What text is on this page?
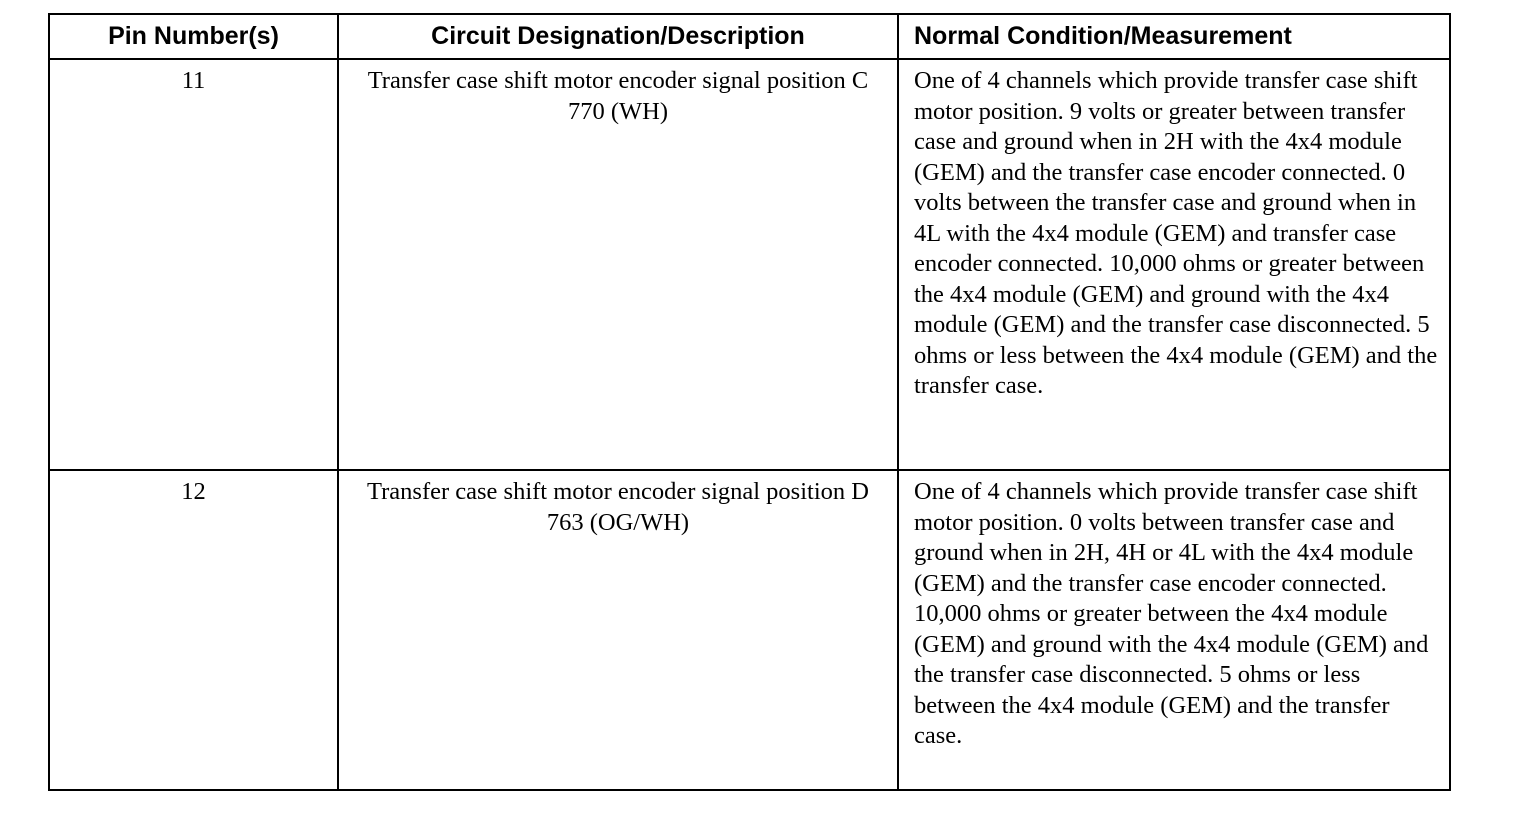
Pin Number(s)	Circuit Designation/Description	Normal Condition/Measurement
11	Transfer case shift motor encoder signal position C 770 (WH)	One of 4 channels which provide transfer case shift motor position. 9 volts or greater between transfer case and ground when in 2H with the 4x4 module (GEM) and the transfer case encoder connected. 0 volts between the transfer case and ground when in 4L with the 4x4 module (GEM) and transfer case encoder connected. 10,000 ohms or greater between the 4x4 module (GEM) and ground with the 4x4 module (GEM) and the transfer case disconnected. 5 ohms or less between the 4x4 module (GEM) and the transfer case.
12	Transfer case shift motor encoder signal position D 763 (OG/WH)	One of 4 channels which provide transfer case shift motor position. 0 volts between transfer case and ground when in 2H, 4H or 4L with the 4x4 module (GEM) and the transfer case encoder connected. 10,000 ohms or greater between the 4x4 module (GEM) and ground with the 4x4 module (GEM) and the transfer case disconnected. 5 ohms or less between the 4x4 module (GEM) and the transfer case.
